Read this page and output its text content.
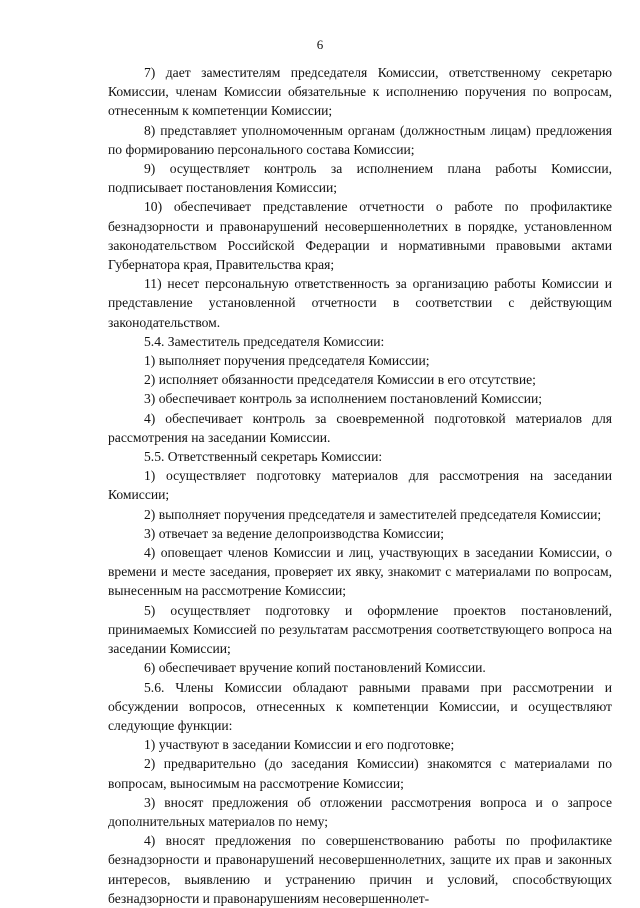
6

7) дает заместителям председателя Комиссии, ответственному секретарю Комиссии, членам Комиссии обязательные к исполнению поручения по вопросам, отнесенным к компетенции Комиссии;

8) представляет уполномоченным органам (должностным лицам) предложения по формированию персонального состава Комиссии;

9) осуществляет контроль за исполнением плана работы Комиссии, подписывает постановления Комиссии;

10) обеспечивает представление отчетности о работе по профилактике безнадзорности и правонарушений несовершеннолетних в порядке, установленном законодательством Российской Федерации и нормативными правовыми актами Губернатора края, Правительства края;

11) несет персональную ответственность за организацию работы Комиссии и представление установленной отчетности в соответствии с действующим законодательством.

5.4. Заместитель председателя Комиссии:

1) выполняет поручения председателя Комиссии;

2) исполняет обязанности председателя Комиссии в его отсутствие;

3) обеспечивает контроль за исполнением постановлений Комиссии;

4) обеспечивает контроль за своевременной подготовкой материалов для рассмотрения на заседании Комиссии.

5.5. Ответственный секретарь Комиссии:

1) осуществляет подготовку материалов для рассмотрения на заседании Комиссии;

2) выполняет поручения председателя и заместителей председателя Комиссии;

3) отвечает за ведение делопроизводства Комиссии;

4) оповещает членов Комиссии и лиц, участвующих в заседании Комиссии, о времени и месте заседания, проверяет их явку, знакомит с материалами по вопросам, вынесенным на рассмотрение Комиссии;

5) осуществляет подготовку и оформление проектов постановлений, принимаемых Комиссией по результатам рассмотрения соответствующего вопроса на заседании Комиссии;

6) обеспечивает вручение копий постановлений Комиссии.

5.6. Члены Комиссии обладают равными правами при рассмотрении и обсуждении вопросов, отнесенных к компетенции Комиссии, и осуществляют следующие функции:

1) участвуют в заседании Комиссии и его подготовке;

2) предварительно (до заседания Комиссии) знакомятся с материалами по вопросам, выносимым на рассмотрение Комиссии;

3) вносят предложения об отложении рассмотрения вопроса и о запросе дополнительных материалов по нему;

4) вносят предложения по совершенствованию работы по профилактике безнадзорности и правонарушений несовершеннолетних, защите их прав и законных интересов, выявлению и устранению причин и условий, способствующих безнадзорности и правонарушениям несовершеннолет-
